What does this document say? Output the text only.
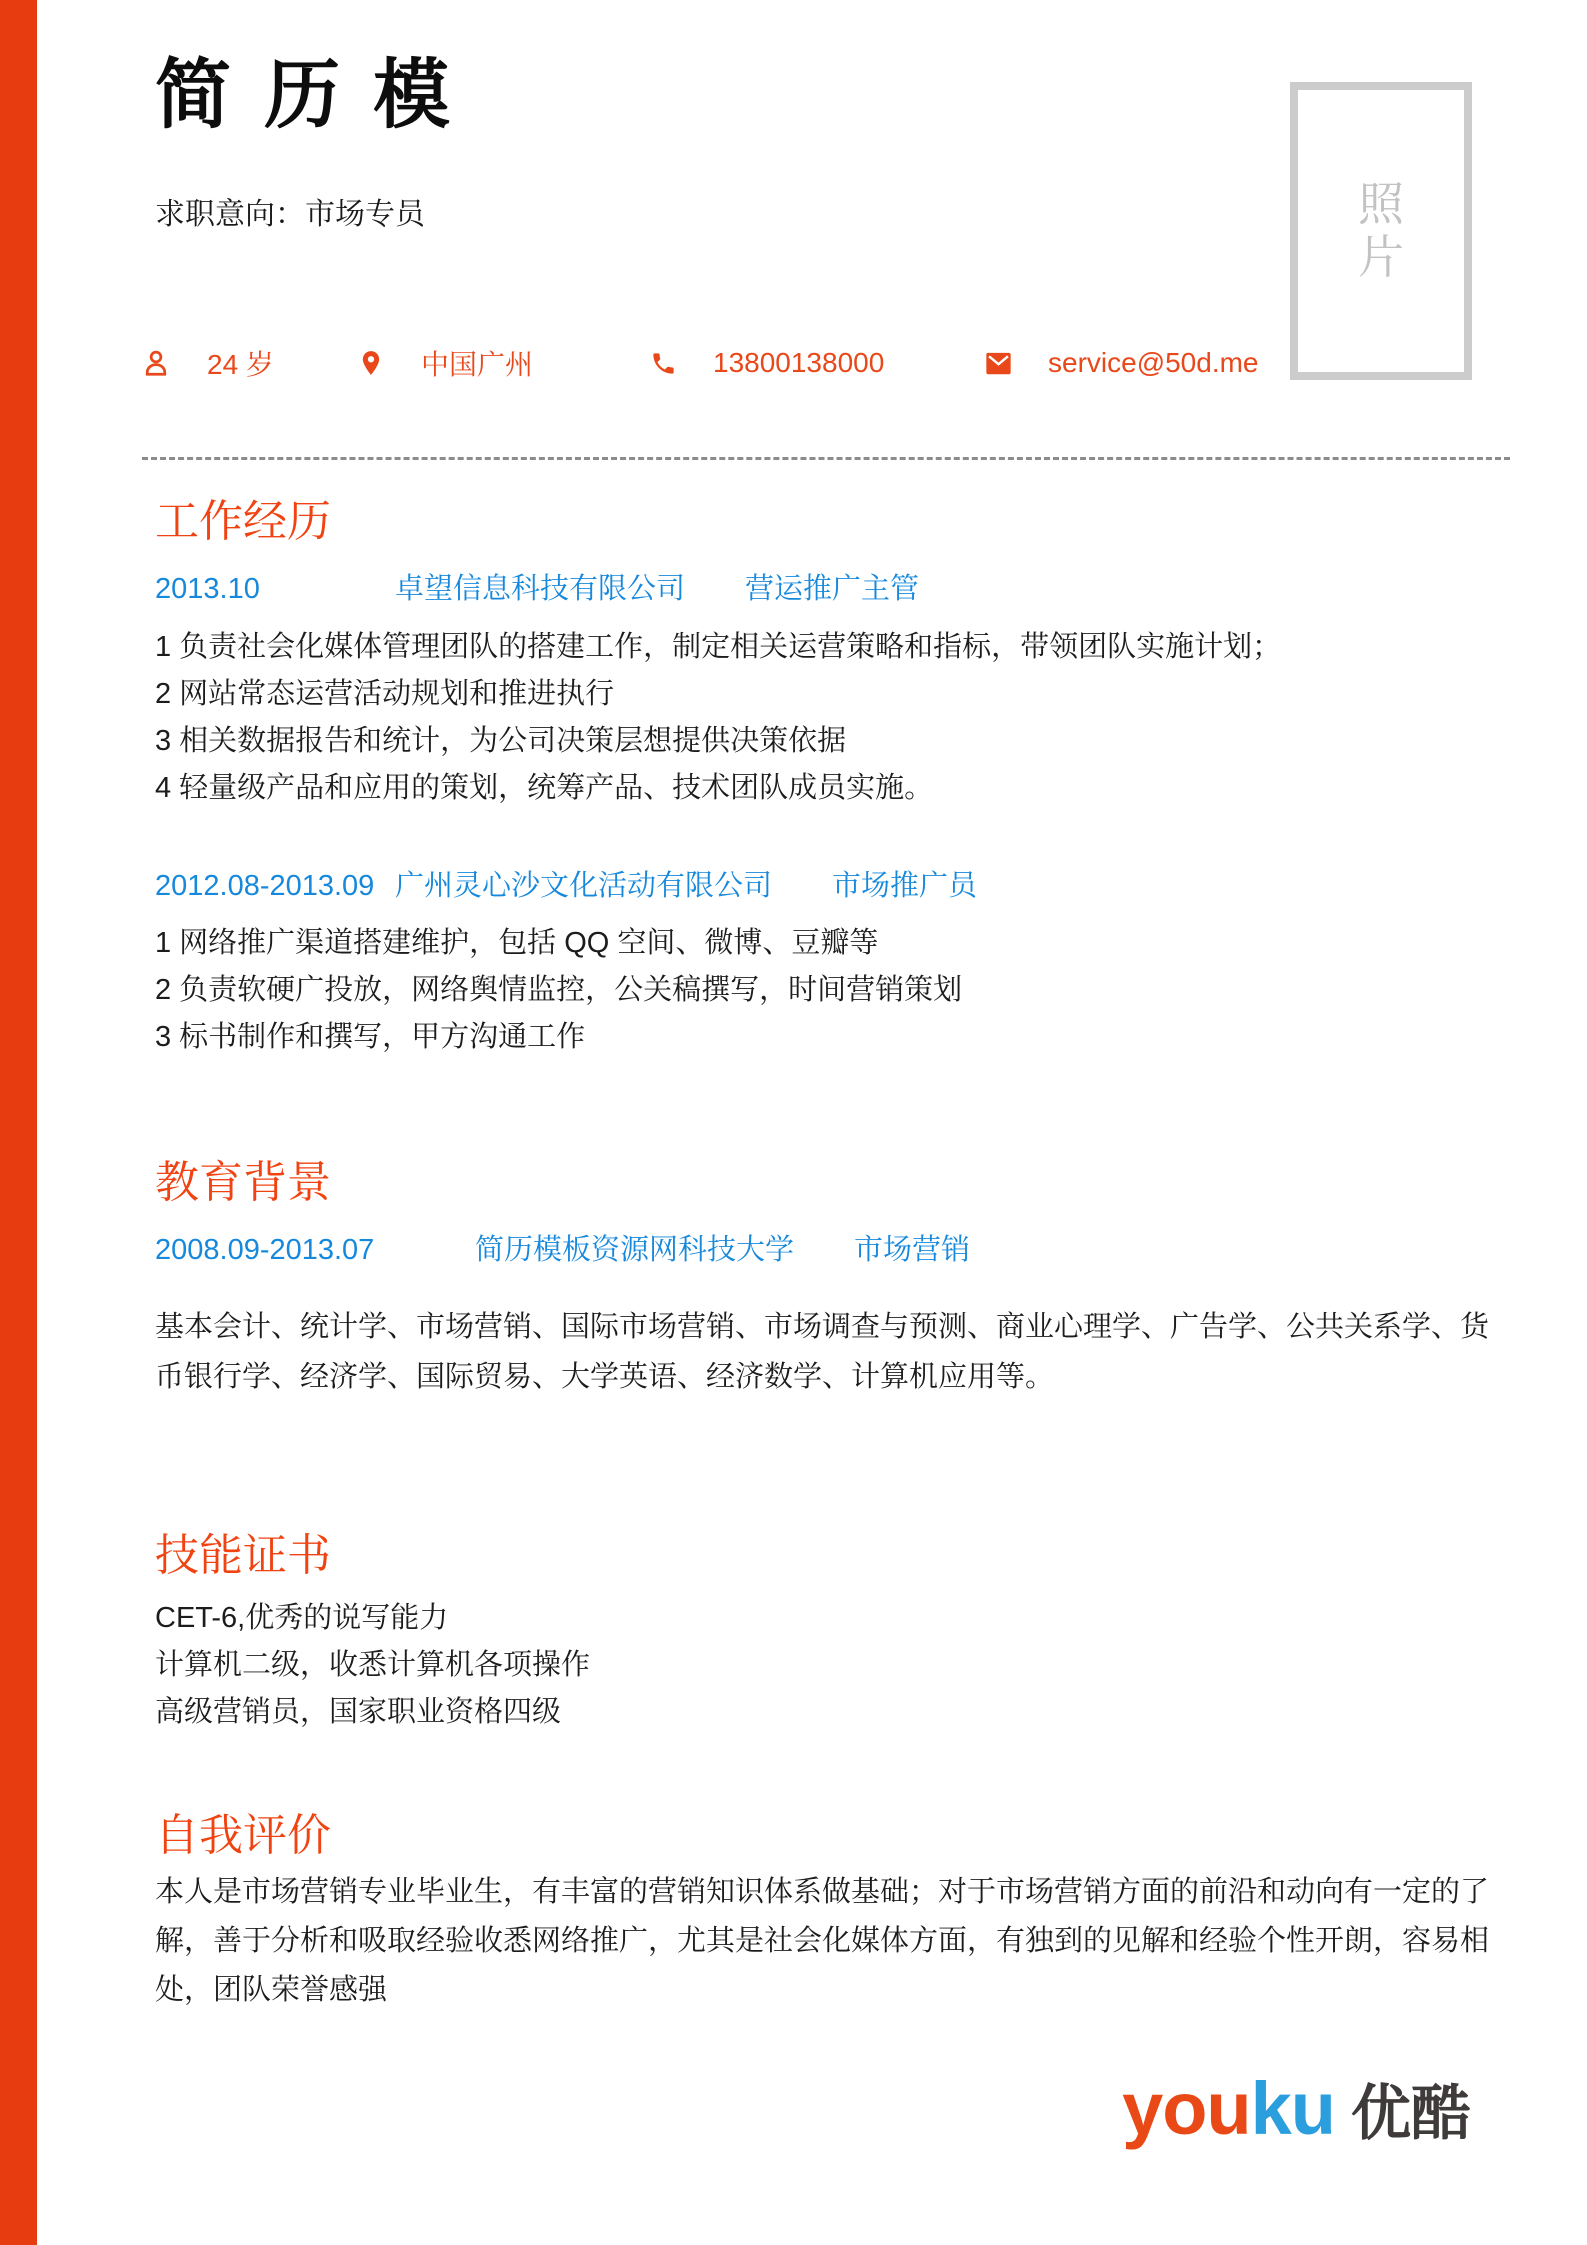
照片
简 历 模
求职意向：市场专员
24 岁	中国广州	13800138000	service@50d.me
工作经历
2013.10	卓望信息科技有限公司 营运推广主管
1 负责社会化媒体管理团队的搭建工作，制定相关运营策略和指标，带领团队实施计划；
2 网站常态运营活动规划和推进执行
3 相关数据报告和统计，为公司决策层想提供决策依据
4 轻量级产品和应用的策划，统筹产品、技术团队成员实施。
2012.08-2013.09 广州灵心沙文化活动有限公司 市场推广员
1 网络推广渠道搭建维护，包括 QQ 空间、微博、豆瓣等
2 负责软硬广投放，网络舆情监控，公关稿撰写，时间营销策划
3 标书制作和撰写，甲方沟通工作
教育背景
2008.09-2013.07	简历模板资源网科技大学 市场营销
基本会计、统计学、市场营销、国际市场营销、市场调查与预测、商业心理学、广告学、公共关系学、货币银行学、经济学、国际贸易、大学英语、经济数学、计算机应用等。
技能证书
CET-6,优秀的说写能力
计算机二级，收悉计算机各项操作
高级营销员，国家职业资格四级
自我评价
本人是市场营销专业毕业生，有丰富的营销知识体系做基础；对于市场营销方面的前沿和动向有一定的了解，善于分析和吸取经验收悉网络推广，尤其是社会化媒体方面，有独到的见解和经验个性开朗，容易相处，团队荣誉感强
you ku 优酷
